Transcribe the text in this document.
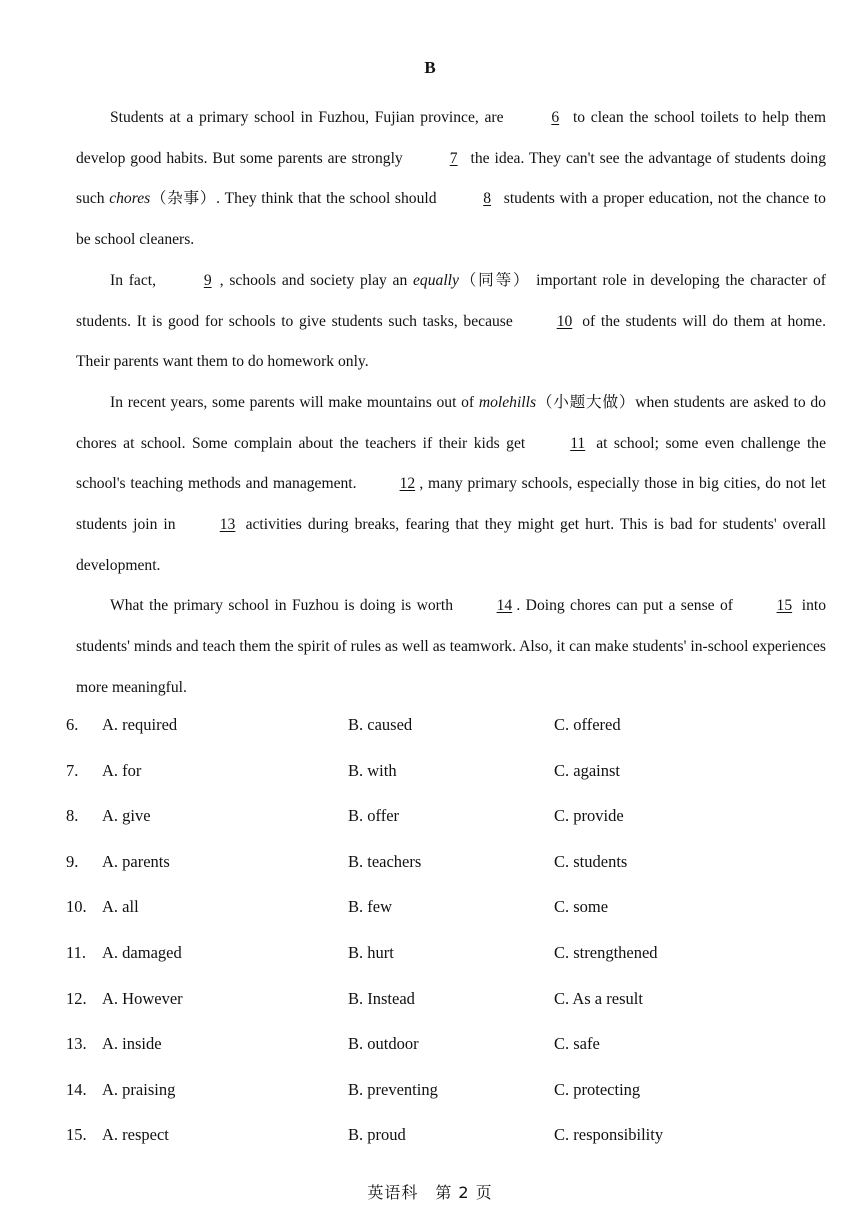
B

Students at a primary school in Fuzhou, Fujian province, are	6 to clean the school toilets to help them develop good habits. But some parents are strongly	7 the idea. They can't see the advantage of students doing such chores（杂事）. They think that the school should	8 students with a proper education, not the chance to be school cleaners.

In fact,	9 , schools and society play an equally（同等） important role in developing the character of students. It is good for schools to give students such tasks, because	10 of the students will do them at home. Their parents want them to do homework only.

In recent years, some parents will make mountains out of molehills（小题大做）when students are asked to do chores at school. Some complain about the teachers if their kids get	11 at school; some even challenge the school's teaching methods and management.	12 , many primary schools, especially those in big cities, do not let students join in	13 activities during breaks, fearing that they might get hurt. This is bad for students' overall development.

What the primary school in Fuzhou is doing is worth	14 . Doing chores can put a sense of	15 into students' minds and teach them the spirit of rules as well as teamwork. Also, it can make students' in-school experiences more meaningful.

6.	A. required	B. caused	C. offered
7.	A. for	B. with	C. against
8.	A. give	B. offer	C. provide
9.	A. parents	B. teachers	C. students
10. A. all	B. few	C. some
11. A. damaged	B. hurt	C. strengthened
12. A. However	B. Instead	C. As a result
13. A. inside	B. outdoor	C. safe
14. A. praising	B. preventing	C. protecting
15. A. respect	B. proud	C. responsibility
英语科　第 2 页
